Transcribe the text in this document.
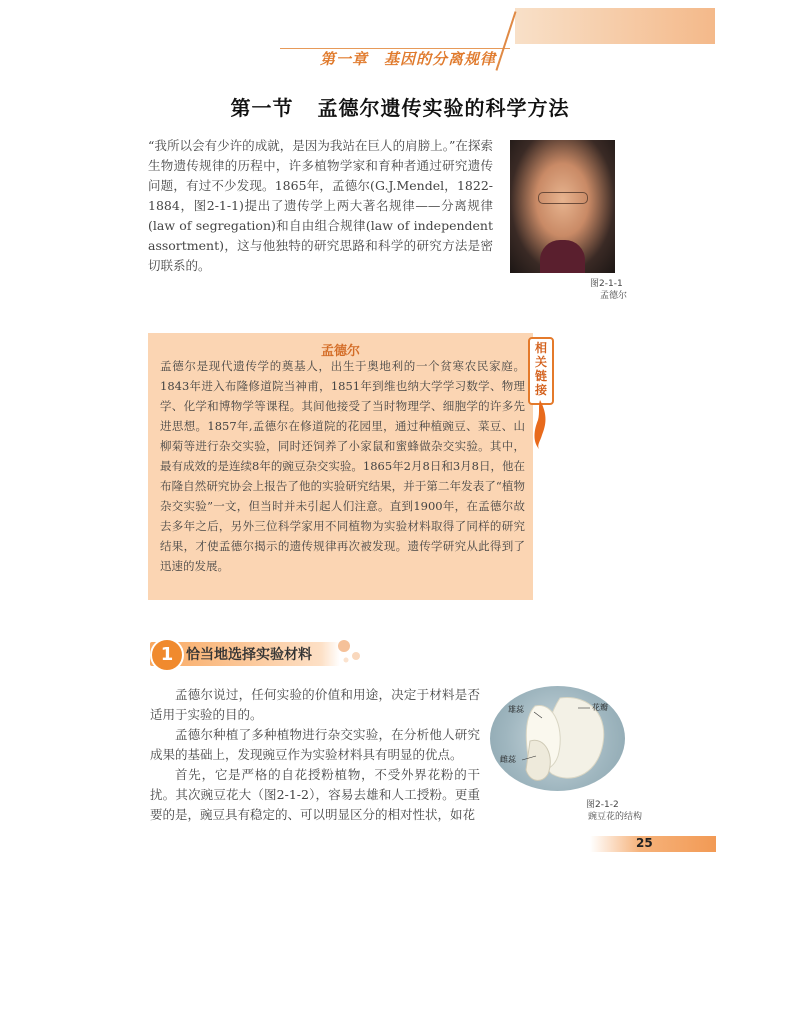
第一章　基因的分离规律
第一节 孟德尔遗传实验的科学方法
“我所以会有少许的成就，是因为我站在巨人的肩膀上。”在探索生物遗传规律的历程中，许多植物学家和育种者通过研究遗传问题，有过不少发现。1865年，孟德尔(G.J.Mendel，1822-1884，图2-1-1)提出了遗传学上两大著名规律——分离规律(law of segregation)和自由组合规律(law of independent assortment)，这与他独特的研究思路和科学的研究方法是密切联系的。
图2-1-1
孟德尔
孟德尔
孟德尔是现代遗传学的奠基人，出生于奥地利的一个贫寒农民家庭。1843年进入布隆修道院当神甫，1851年到维也纳大学学习数学、物理学、化学和博物学等课程。其间他接受了当时物理学、细胞学的许多先进思想。1857年,孟德尔在修道院的花园里，通过种植豌豆、菜豆、山柳菊等进行杂交实验，同时还饲养了小家鼠和蜜蜂做杂交实验。其中，最有成效的是连续8年的豌豆杂交实验。1865年2月8日和3月8日，他在布隆自然研究协会上报告了他的实验研究结果，并于第二年发表了“植物杂交实验”一文，但当时并未引起人们注意。直到1900年，在孟德尔故去多年之后，另外三位科学家用不同植物为实验材料取得了同样的研究结果，才使孟德尔揭示的遗传规律再次被发现。遗传学研究从此得到了迅速的发展。
相关链接
1 恰当地选择实验材料

孟德尔说过，任何实验的价值和用途，决定于材料是否适用于实验的目的。

孟德尔种植了多种植物进行杂交实验，在分析他人研究成果的基础上，发现豌豆作为实验材料具有明显的优点。

首先，它是严格的自花授粉植物，不受外界花粉的干扰。其次豌豆花大（图2-1-2），容易去雄和人工授粉。更重要的是，豌豆具有稳定的、可以明显区分的相对性状，如花

雄蕊	花瓣
雌蕊
图2-1-2
豌豆花的结构
25
